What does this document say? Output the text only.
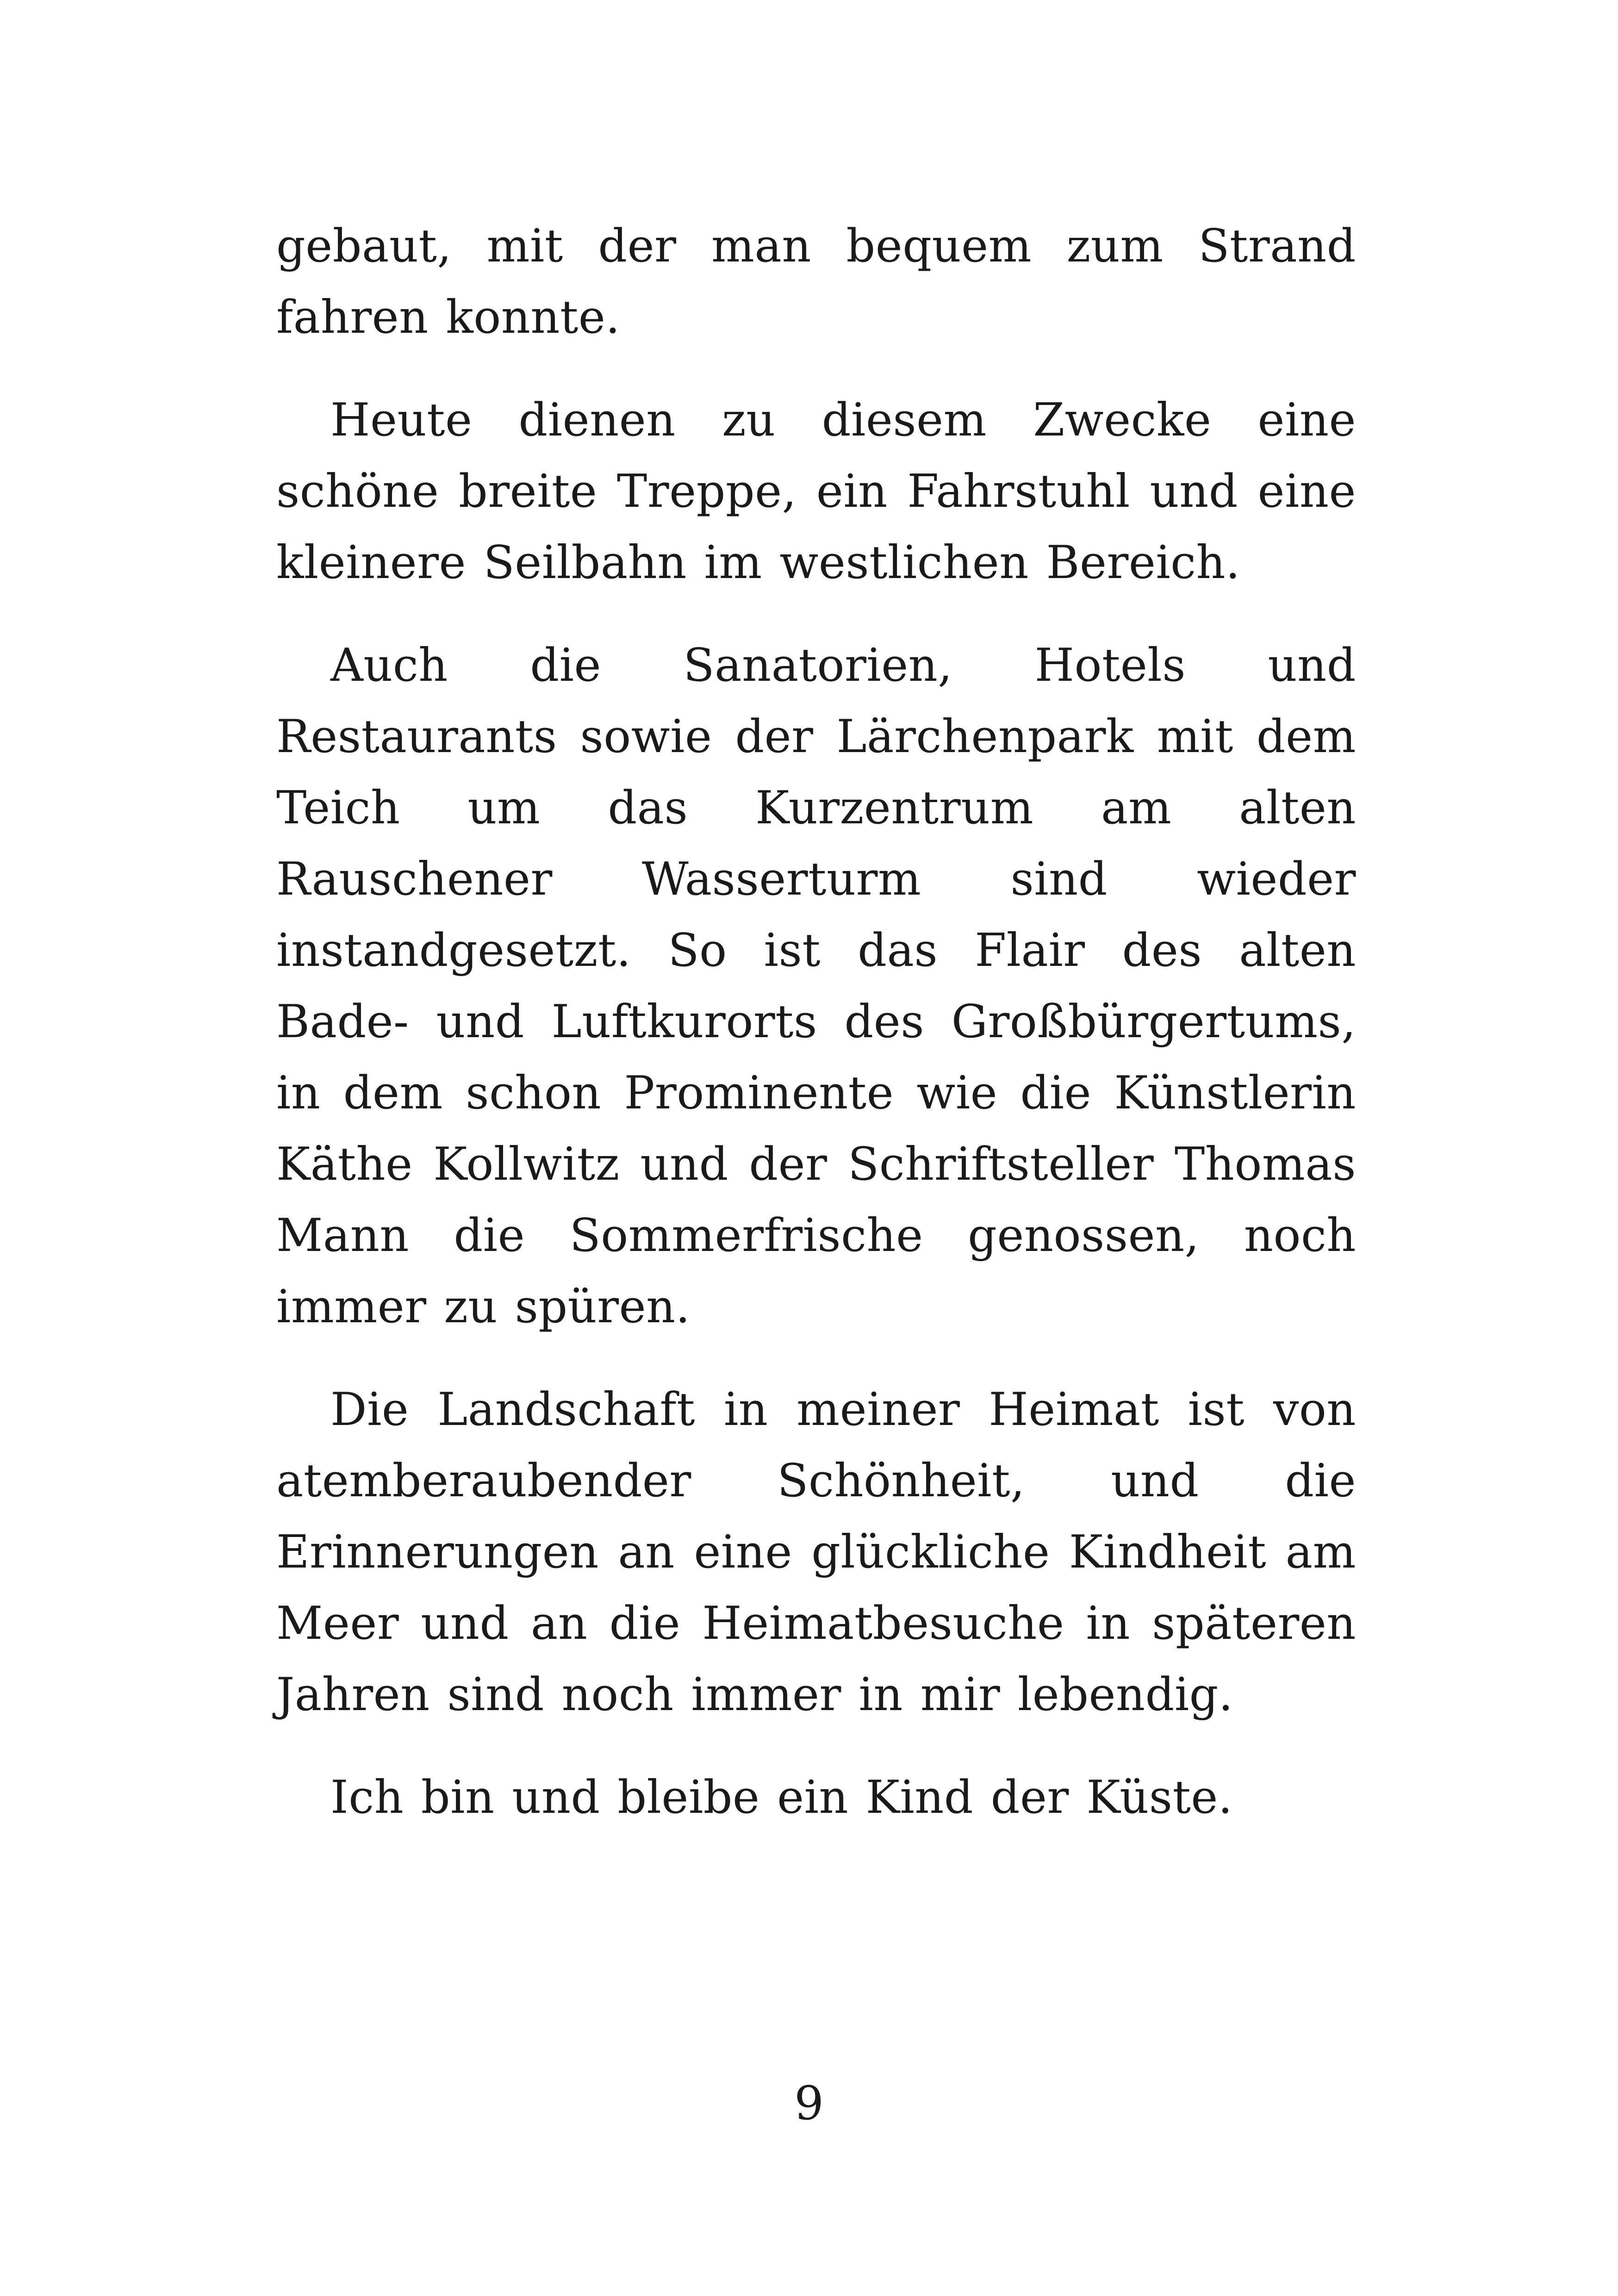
gebaut, mit der man bequem zum Strand fahren konnte.

Heute dienen zu diesem Zwecke eine schöne breite Treppe, ein Fahrstuhl und eine kleinere Seilbahn im westlichen Bereich.

Auch die Sanatorien, Hotels und Restaurants sowie der Lärchenpark mit dem Teich um das Kurzentrum am alten Rauschener Wasserturm sind wieder instandgesetzt. So ist das Flair des alten Bade- und Luftkurorts des Großbürgertums, in dem schon Prominente wie die Künstlerin Käthe Kollwitz und der Schriftsteller Thomas Mann die Sommerfrische genossen, noch immer zu spüren.

Die Landschaft in meiner Heimat ist von atemberaubender Schönheit, und die Erinnerungen an eine glückliche Kindheit am Meer und an die Heimatbesuche in späteren Jahren sind noch immer in mir lebendig.

Ich bin und bleibe ein Kind der Küste.

9
